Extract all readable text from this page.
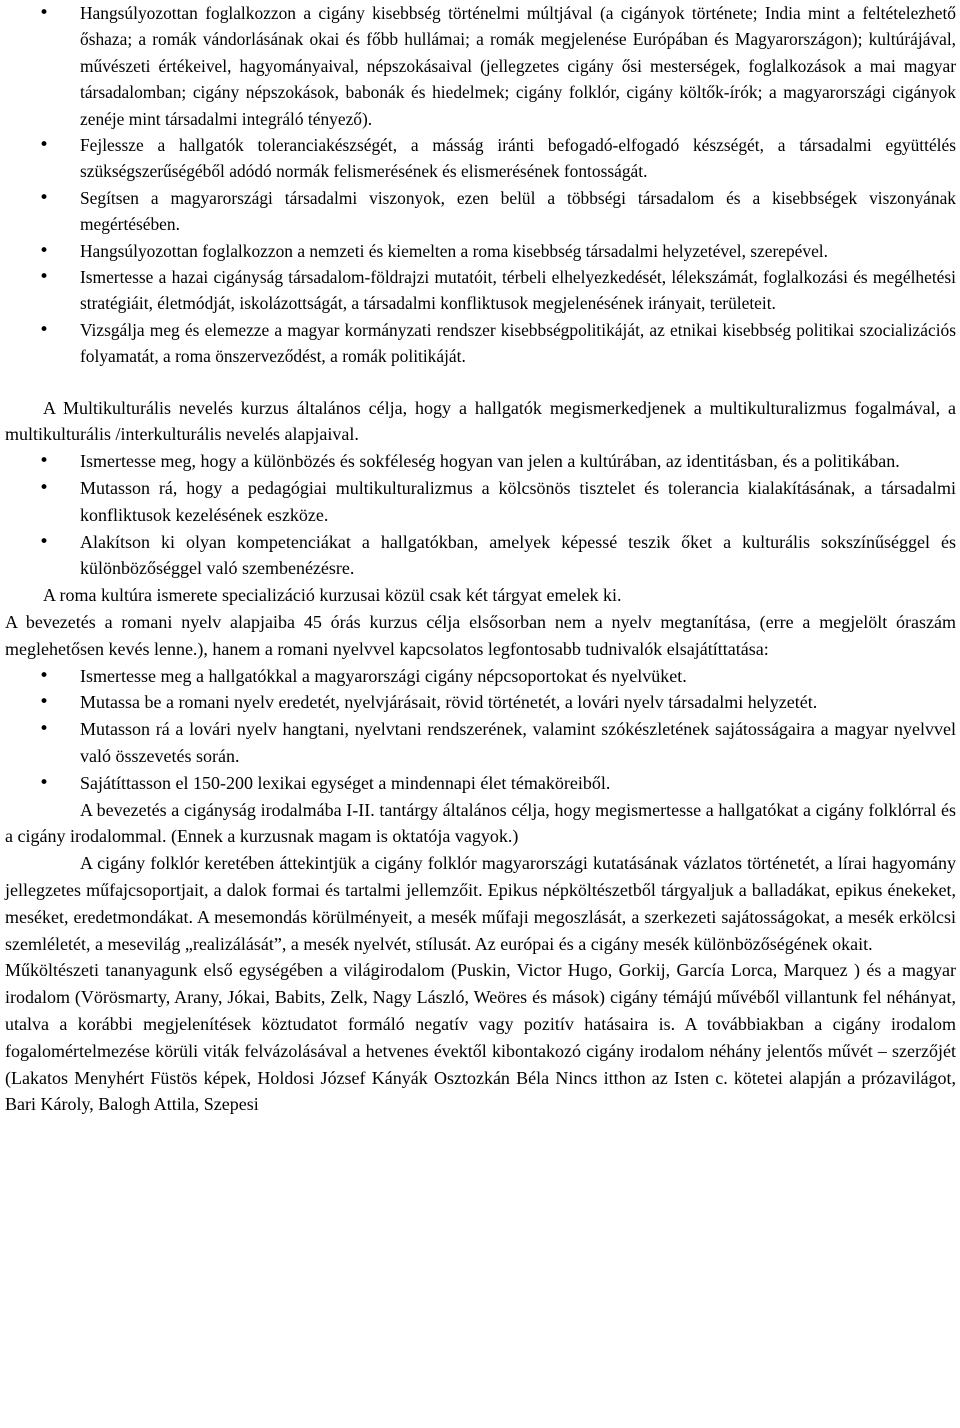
• Hangsúlyozottan foglalkozzon a cigány kisebbség történelmi múltjával (a cigányok története; India mint a feltételezhető őshaza; a romák vándorlásának okai és főbb hullámai; a romák megjelenése Európában és Magyarországon); kultúrájával, művészeti értékeivel, hagyományaival, népszokásaival (jellegzetes cigány ősi mesterségek, foglalkozások a mai magyar társadalomban; cigány népszokások, babonák és hiedelmek; cigány folklór, cigány költők-írók; a magyarországi cigányok zenéje mint társadalmi integráló tényező).
• Fejlessze a hallgatók toleranciakészségét, a másság iránti befogadó-elfogadó készségét, a társadalmi együttélés szükségszerűségéből adódó normák felismerésének és elismerésének fontosságát.
• Segítsen a magyarországi társadalmi viszonyok, ezen belül a többségi társadalom és a kisebbségek viszonyának megértésében.
• Hangsúlyozottan foglalkozzon a nemzeti és kiemelten a roma kisebbség társadalmi helyzetével, szerepével.
• Ismertesse a hazai cigányság társadalom-földrajzi mutatóit, térbeli elhelyezkedését, lélekszámát, foglalkozási és megélhetési stratégiáit, életmódját, iskolázottságát, a társadalmi konfliktusok megjelenésének irányait, területeit.
• Vizsgálja meg és elemezze a magyar kormányzati rendszer kisebbségpolitikáját, az etnikai kisebbség politikai szocializációs folyamatát, a roma önszerveződést, a romák politikáját.

A Multikulturális nevelés kurzus általános célja, hogy a hallgatók megismerkedjenek a multikulturalizmus fogalmával, a multikulturális /interkulturális nevelés alapjaival.

• Ismertesse meg, hogy a különbözés és sokféleség hogyan van jelen a kultúrában, az identitásban, és a politikában.
• Mutasson rá, hogy a pedagógiai multikulturalizmus a kölcsönös tisztelet és tolerancia kialakításának, a társadalmi konfliktusok kezelésének eszköze.
• Alakítson ki olyan kompetenciákat a hallgatókban, amelyek képessé teszik őket a kulturális sokszínűséggel és különbözőséggel való szembenézésre.

A roma kultúra ismerete specializáció kurzusai közül csak két tárgyat emelek ki.

A bevezetés a romani nyelv alapjaiba 45 órás kurzus célja elsősorban nem a nyelv megtanítása, (erre a megjelölt óraszám meglehetősen kevés lenne.), hanem a romani nyelvvel kapcsolatos legfontosabb tudnivalók elsajátíttatása:

• Ismertesse meg a hallgatókkal a magyarországi cigány népcsoportokat és nyelvüket.
• Mutassa be a romani nyelv eredetét, nyelvjárásait, rövid történetét, a lovári nyelv társadalmi helyzetét.
• Mutasson rá a lovári nyelv hangtani, nyelvtani rendszerének, valamint szókészletének sajátosságaira a magyar nyelvvel való összevetés során.
• Sajátíttasson el 150-200 lexikai egységet a mindennapi élet témaköreiből.

A bevezetés a cigányság irodalmába I-II. tantárgy általános célja, hogy megismertesse a hallgatókat a cigány folklórral és a cigány irodalommal. (Ennek a kurzusnak magam is oktatója vagyok.)

A cigány folklór keretében áttekintjük a cigány folklór magyarországi kutatásának vázlatos történetét, a lírai hagyomány jellegzetes műfajcsoportjait, a dalok formai és tartalmi jellemzőit. Epikus népköltészetből tárgyaljuk a balladákat, epikus énekeket, meséket, eredetmondákat. A mesemondás körülményeit, a mesék műfaji megoszlását, a szerkezeti sajátosságokat, a mesék erkölcsi szemléletét, a mesevilág „realizálását”, a mesék nyelvét, stílusát. Az európai és a cigány mesék különbözőségének okait.

Műköltészeti tananyagunk első egységében a világirodalom (Puskin, Victor Hugo, Gorkij, García Lorca, Marquez ) és a magyar irodalom (Vörösmarty, Arany, Jókai, Babits, Zelk, Nagy László, Weöres és mások) cigány témájú művéből villantunk fel néhányat, utalva a korábbi megjelenítések köztudatot formáló negatív vagy pozitív hatásaira is. A továbbiakban a cigány irodalom fogalomértelmezése körüli viták felvázolásával a hetvenes évektől kibontakozó cigány irodalom néhány jelentős művét – szerzőjét (Lakatos Menyhért Füstös képek, Holdosi József Kányák Osztozkán Béla Nincs itthon az Isten c. kötetei alapján a prózavilágot, Bari Károly, Balogh Attila, Szepesi
